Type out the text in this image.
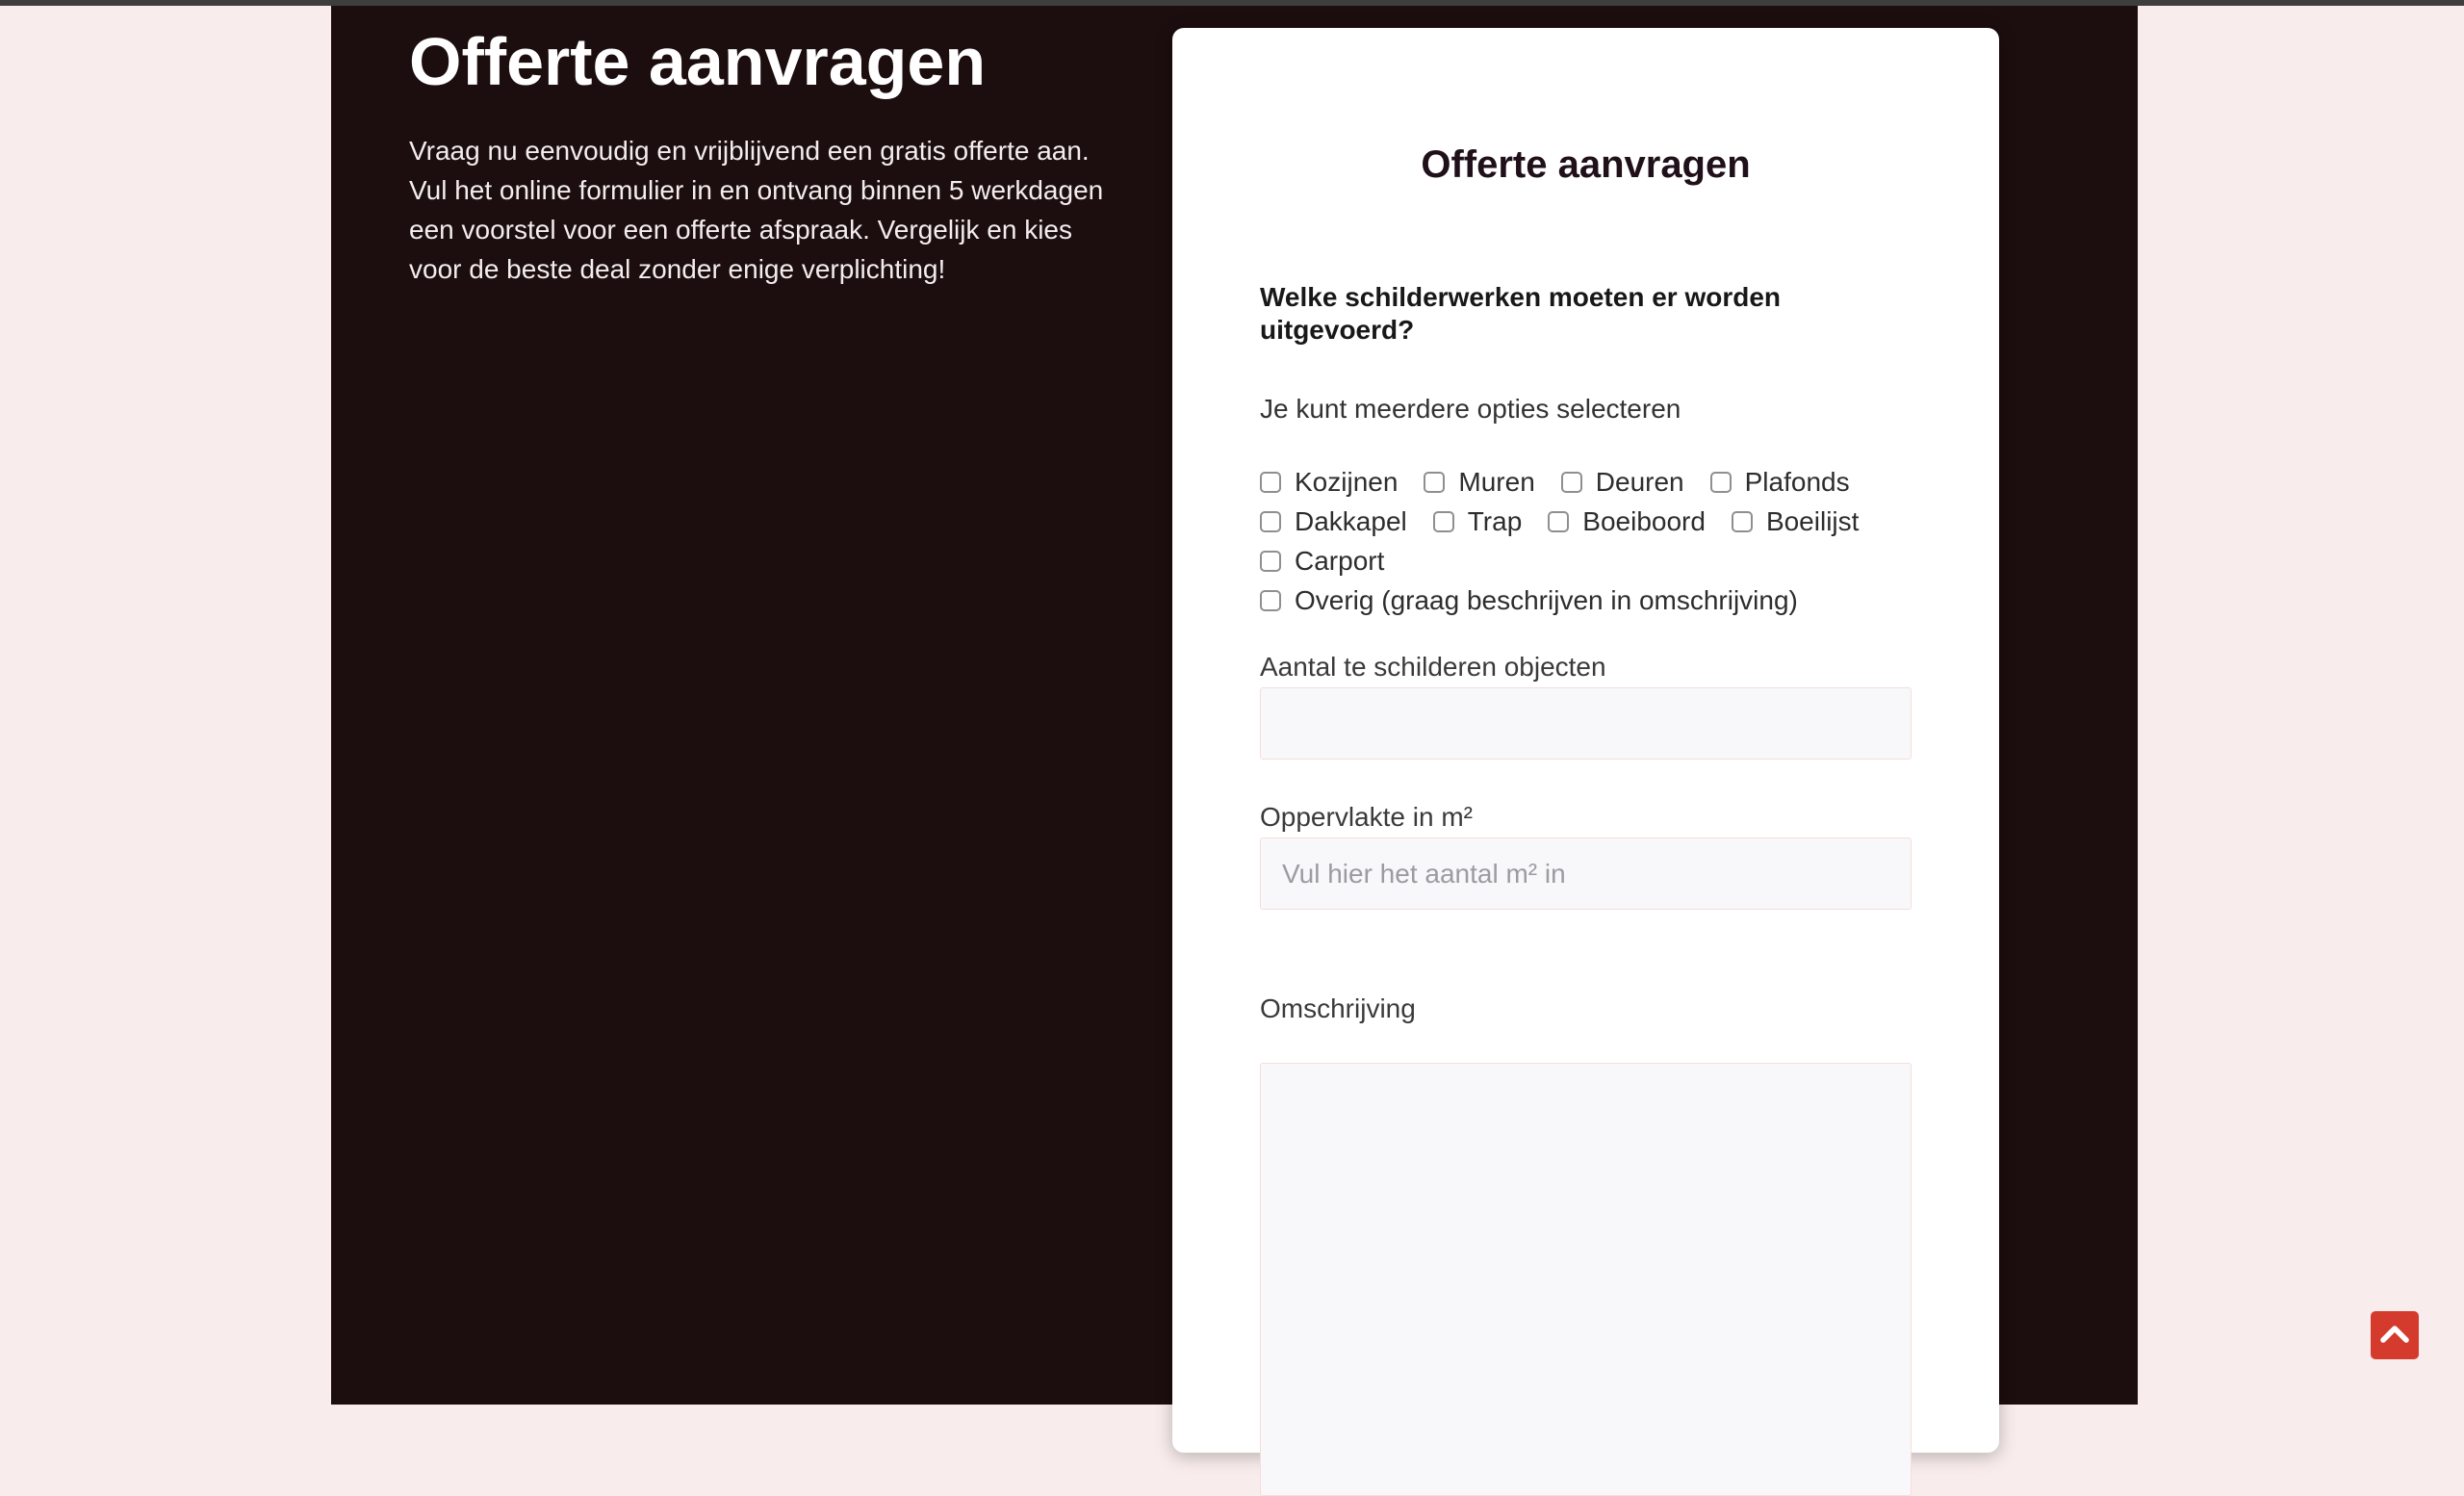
Offerte aanvragen
Vraag nu eenvoudig en vrijblijvend een gratis offerte aan.
Vul het online formulier in en ontvang binnen 5 werkdagen
een voorstel voor een offerte afspraak. Vergelijk en kies
voor de beste deal zonder enige verplichting!
Offerte aanvragen
Welke schilderwerken moeten er worden uitgevoerd?
Je kunt meerdere opties selecteren
Kozijnen Muren Deuren Plafonds
Dakkapel Trap Boeiboord Boeilijst
Carport
Overig (graag beschrijven in omschrijving)
Aantal te schilderen objecten
Oppervlakte in m²
Vul hier het aantal m² in
Omschrijving
